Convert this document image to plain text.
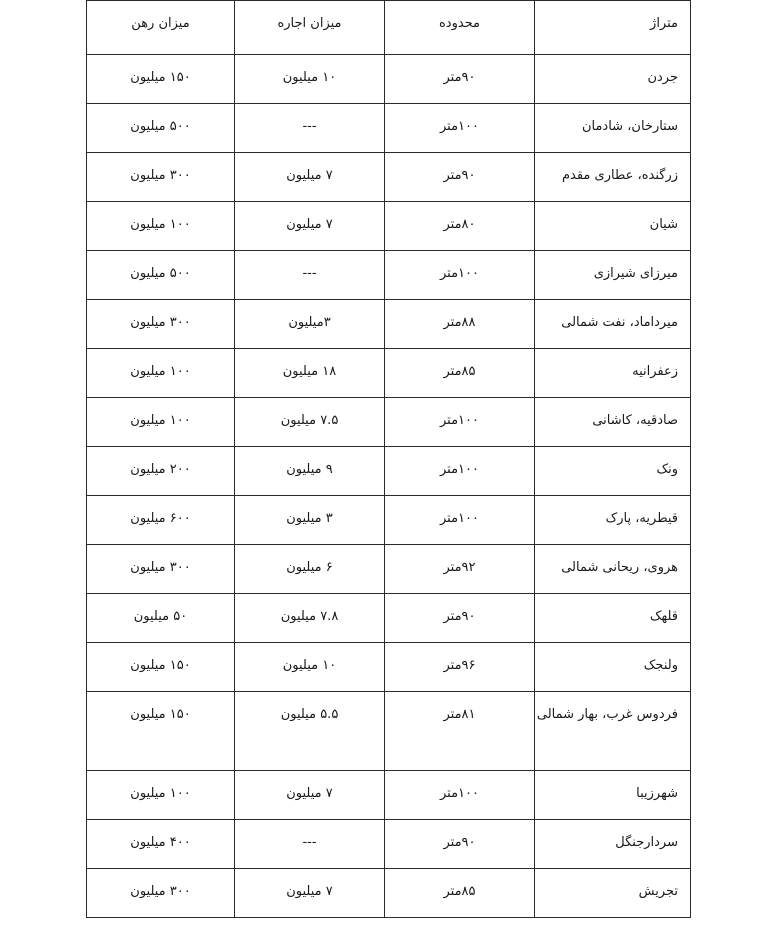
متراژ	محدوده	میزان اجاره	میزان رهن

جردن	۹۰متر	۱۰ میلیون	۱۵۰ میلیون

ستارخان، شادمان	۱۰۰متر	---	۵۰۰ میلیون

زرگنده، عطاری مقدم	۹۰متر	۷ میلیون	۳۰۰ میلیون

شیان	۸۰متر	۷ میلیون	۱۰۰ میلیون

میرزای شیرازی	۱۰۰متر	---	۵۰۰ میلیون

میرداماد، نفت شمالی	۸۸متر	۳میلیون	۳۰۰ میلیون

زعفرانیه	۸۵متر	۱۸ میلیون	۱۰۰ میلیون

صادقیه، کاشانی	۱۰۰متر	۷.۵ میلیون	۱۰۰ میلیون

ونک	۱۰۰متر	۹ میلیون	۲۰۰ میلیون

قیطریه، پارک	۱۰۰متر	۳ میلیون	۶۰۰ میلیون

هروی، ریحانی شمالی	۹۲متر	۶ میلیون	۳۰۰ میلیون

قلهک	۹۰متر	۷.۸ میلیون	۵۰ میلیون

ولنجک	۹۶متر	۱۰ میلیون	۱۵۰ میلیون

فردوس غرب، بهار شمالی	۸۱متر	۵.۵ میلیون	۱۵۰ میلیون

شهرزیبا	۱۰۰متر	۷ میلیون	۱۰۰ میلیون

سردارجنگل	۹۰متر	---	۴۰۰ میلیون

تجریش	۸۵متر	۷ میلیون	۳۰۰ میلیون
